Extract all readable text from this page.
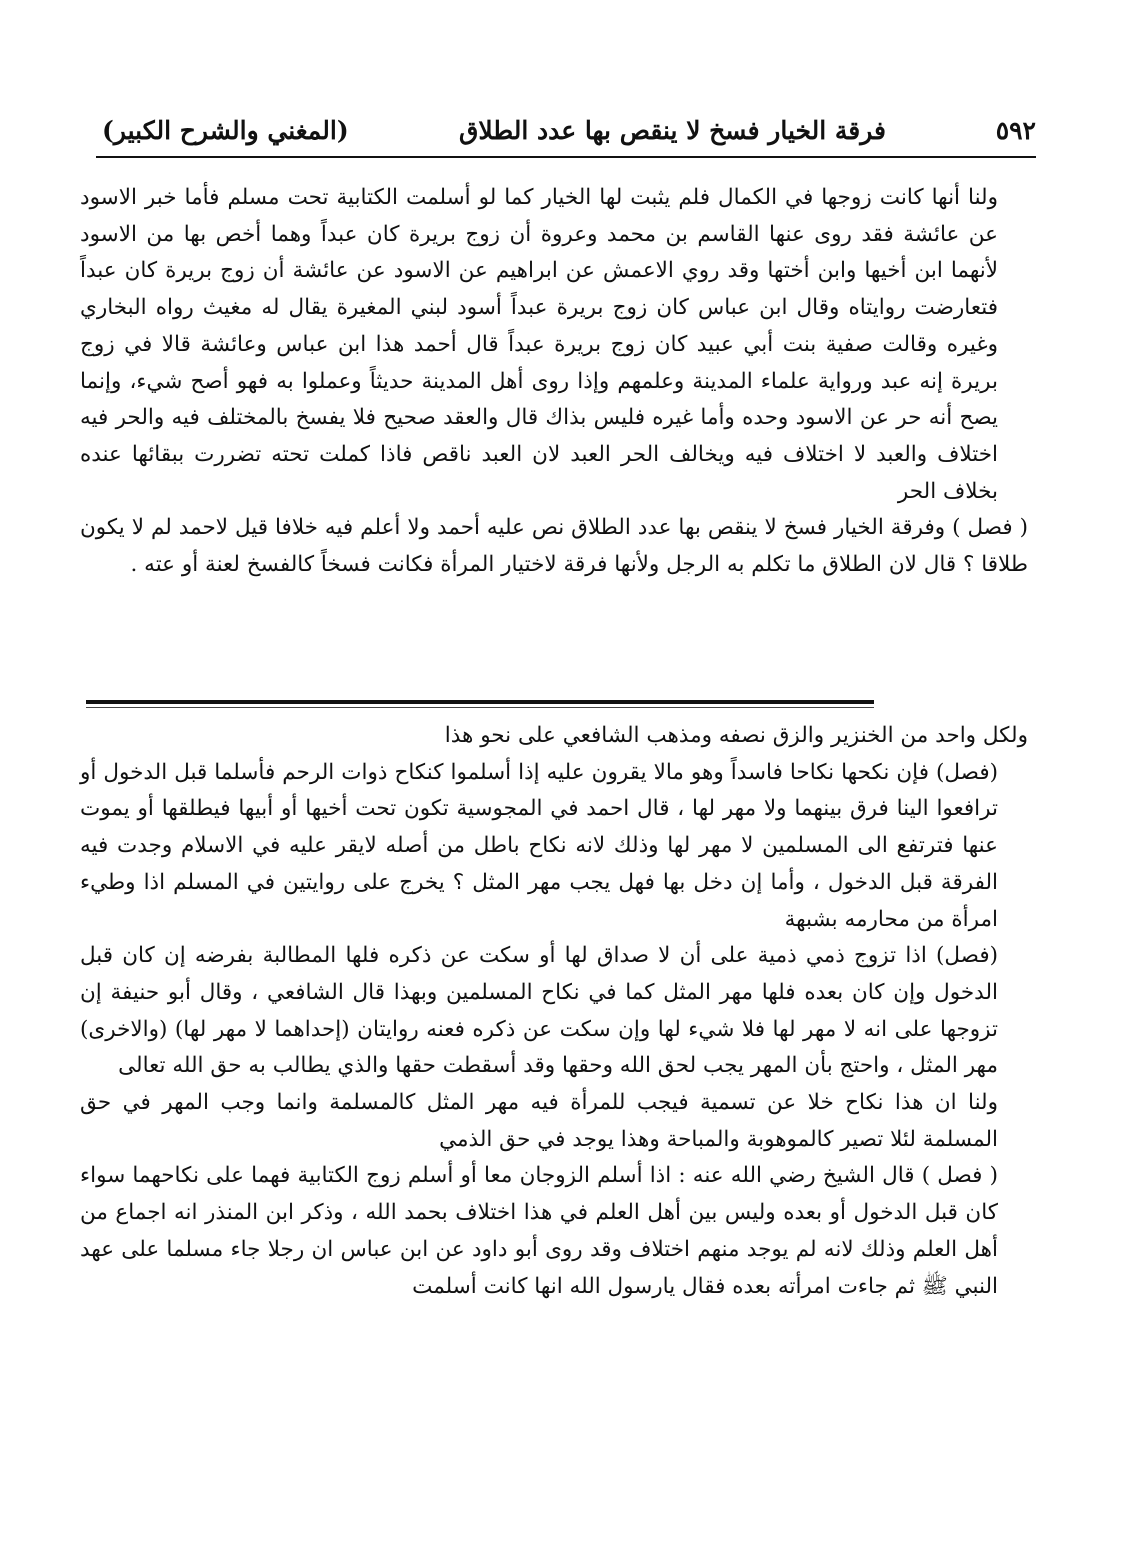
٥٩٢
فرقة الخيار فسخ لا ينقص بها عدد الطلاق
(المغني والشرح الكبير)

ولنا أنها كانت زوجها في الكمال فلم يثبت لها الخيار كما لو أسلمت الكتابية تحت مسلم فأما خبر الاسود عن عائشة فقد روى عنها القاسم بن محمد وعروة أن زوج بريرة كان عبداً وهما أخص بها من الاسود لأنهما ابن أخيها وابن أختها وقد روي الاعمش عن ابراهيم عن الاسود عن عائشة أن زوج بريرة كان عبداً فتعارضت روايتاه وقال ابن عباس كان زوج بريرة عبداً أسود لبني المغيرة يقال له مغيث رواه البخاري وغيره وقالت صفية بنت أبي عبيد كان زوج بريرة عبداً قال أحمد هذا ابن عباس وعائشة قالا في زوج بريرة إنه عبد ورواية علماء المدينة وعلمهم وإذا روى أهل المدينة حديثاً وعملوا به فهو أصح شيء، وإنما يصح أنه حر عن الاسود وحده وأما غيره فليس بذاك قال والعقد صحيح فلا يفسخ بالمختلف فيه والحر فيه اختلاف والعبد لا اختلاف فيه ويخالف الحر العبد لان العبد ناقص فاذا كملت تحته تضررت ببقائها عنده بخلاف الحر

( فصل ) وفرقة الخيار فسخ لا ينقص بها عدد الطلاق نص عليه أحمد ولا أعلم فيه خلافا قيل لاحمد لم لا يكون طلاقا ؟ قال لان الطلاق ما تكلم به الرجل ولأنها فرقة لاختيار المرأة فكانت فسخاً كالفسخ لعنة أو عته .

ولكل واحد من الخنزير والزق نصفه ومذهب الشافعي على نحو هذا

(فصل) فإن نكحها نكاحا فاسداً وهو مالا يقرون عليه إذا أسلموا كنكاح ذوات الرحم فأسلما قبل الدخول أو ترافعوا الينا فرق بينهما ولا مهر لها ، قال احمد في المجوسية تكون تحت أخيها أو أبيها فيطلقها أو يموت عنها فترتفع الى المسلمين لا مهر لها وذلك لانه نكاح باطل من أصله لايقر عليه في الاسلام وجدت فيه الفرقة قبل الدخول ، وأما إن دخل بها فهل يجب مهر المثل ؟ يخرج على روايتين في المسلم اذا وطيء امرأة من محارمه بشبهة

(فصل) اذا تزوج ذمي ذمية على أن لا صداق لها أو سكت عن ذكره فلها المطالبة بفرضه إن كان قبل الدخول وإن كان بعده فلها مهر المثل كما في نكاح المسلمين وبهذا قال الشافعي ، وقال أبو حنيفة إن تزوجها على انه لا مهر لها فلا شيء لها وإن سكت عن ذكره فعنه روايتان (إحداهما لا مهر لها) (والاخرى) مهر المثل ، واحتج بأن المهر يجب لحق الله وحقها وقد أسقطت حقها والذي يطالب به حق الله تعالى

ولنا ان هذا نكاح خلا عن تسمية فيجب للمرأة فيه مهر المثل كالمسلمة وانما وجب المهر في حق المسلمة لئلا تصير كالموهوبة والمباحة وهذا يوجد في حق الذمي

( فصل ) قال الشيخ رضي الله عنه : اذا أسلم الزوجان معا أو أسلم زوج الكتابية فهما على نكاحهما سواء كان قبل الدخول أو بعده وليس بين أهل العلم في هذا اختلاف بحمد الله ، وذكر ابن المنذر انه اجماع من أهل العلم وذلك لانه لم يوجد منهم اختلاف وقد روى أبو داود عن ابن عباس ان رجلا جاء مسلما على عهد النبي ﷺ ثم جاءت امرأته بعده فقال يارسول الله انها كانت أسلمت
